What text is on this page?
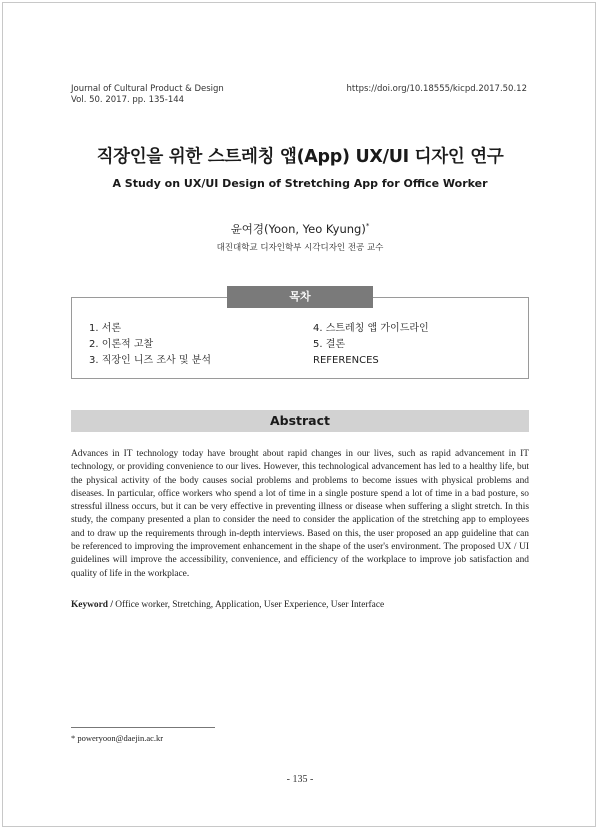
Journal of Cultural Product & Design
Vol. 50. 2017. pp. 135-144
https://doi.org/10.18555/kicpd.2017.50.12
직장인을 위한 스트레칭 앱(App) UX/UI 디자인 연구
A Study on UX/UI Design of Stretching App for Office Worker
윤여경(Yoon, Yeo Kyung)*
대진대학교 디자인학부 시각디자인 전공 교수
목차
1. 서론
2. 이론적 고찰
3. 직장인 니즈 조사 및 분석
4. 스트레칭 앱 가이드라인
5. 결론
REFERENCES
Abstract
Advances in IT technology today have brought about rapid changes in our lives, such as rapid advancement in IT technology, or providing convenience to our lives. However, this technological advancement has led to a healthy life, but the physical activity of the body causes social problems and problems to become issues with physical problems and diseases. In particular, office workers who spend a lot of time in a single posture spend a lot of time in a bad posture, so stressful illness occurs, but it can be very effective in preventing illness or disease when suffering a slight stretch. In this study, the company presented a plan to consider the need to consider the application of the stretching app to employees and to draw up the requirements through in-depth interviews. Based on this, the user proposed an app guideline that can be referenced to improving the improvement enhancement in the shape of the user's environment. The proposed UX / UI guidelines will improve the accessibility, convenience, and efficiency of the workplace to improve job satisfaction and quality of life in the workplace.
Keyword / Office worker, Stretching, Application, User Experience, User Interface
* poweryoon@daejin.ac.kr
- 135 -
